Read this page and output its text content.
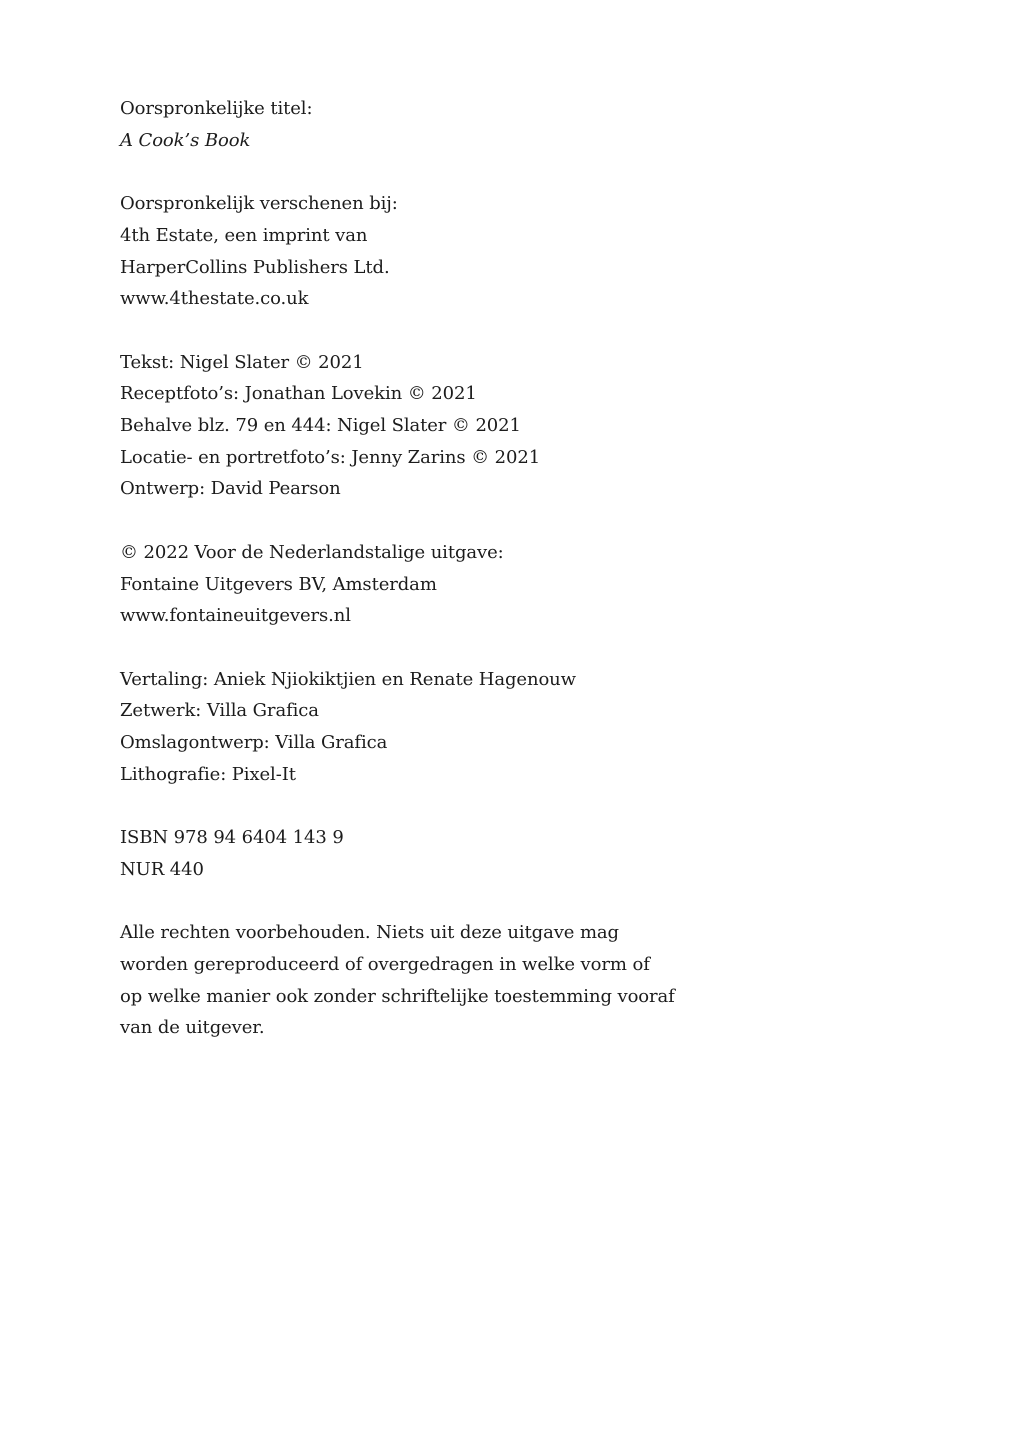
Oorspronkelijke titel:
A Cook’s Book
Oorspronkelijk verschenen bij:
4th Estate, een imprint van
HarperCollins Publishers Ltd.
www.4thestate.co.uk
Tekst: Nigel Slater © 2021
Receptfoto’s: Jonathan Lovekin © 2021
Behalve blz. 79 en 444: Nigel Slater © 2021
Locatie- en portretfoto’s: Jenny Zarins © 2021
Ontwerp: David Pearson
© 2022 Voor de Nederlandstalige uitgave:
Fontaine Uitgevers BV, Amsterdam
www.fontaineuitgevers.nl
Vertaling: Aniek Njiokiktjien en Renate Hagenouw
Zetwerk: Villa Grafica
Omslagontwerp: Villa Grafica
Lithografie: Pixel-It
ISBN 978 94 6404 143 9
NUR 440
Alle rechten voorbehouden. Niets uit deze uitgave mag
worden gereproduceerd of overgedragen in welke vorm of
op welke manier ook zonder schriftelijke toestemming vooraf
van de uitgever.
